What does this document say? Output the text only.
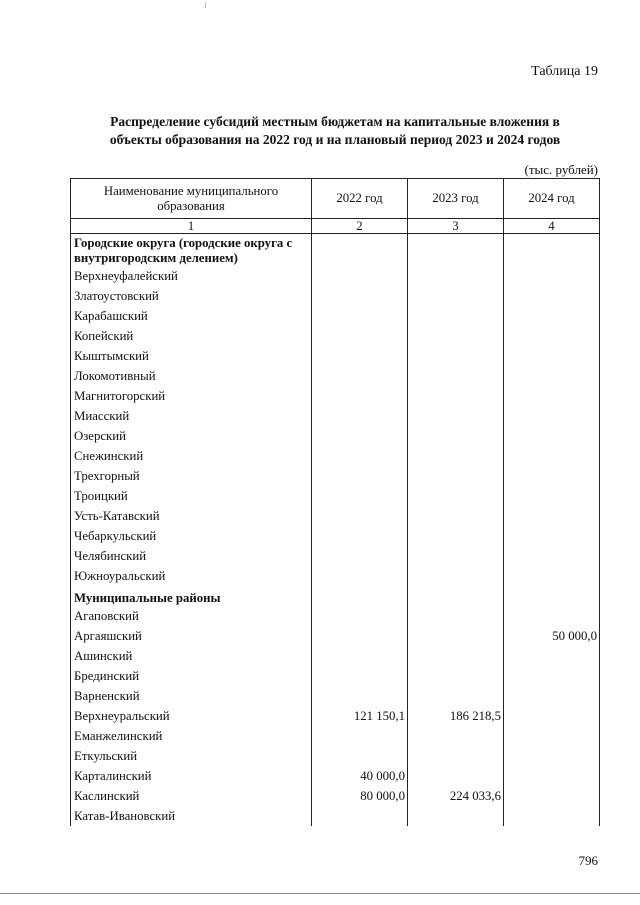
Таблица 19
Распределение субсидий местным бюджетам на капитальные вложения в
объекты образования на 2022 год и на плановый период 2023 и 2024 годов
(тыс. рублей)
Наименование муниципального образования	2022 год	2023 год	2024 год
1	2	3	4
Городские округа (городские округа с внутригородским делением)			
Верхнеуфалейский			
Златоустовский			
Карабашский			
Копейский			
Кыштымский			
Локомотивный			
Магнитогорский			
Миасский			
Озерский			
Снежинский			
Трехгорный			
Троицкий			
Усть-Катавский			
Чебаркульский			
Челябинский			
Южноуральский			
Муниципальные районы			
Агаповский			
Аргаяшский			50 000,0
Ашинский			
Брединский			
Варненский			
Верхнеуральский	121 150,1	186 218,5	
Еманжелинский			
Еткульский			
Карталинский	40 000,0		
Каслинский	80 000,0	224 033,6	
Катав-Ивановский			
796
